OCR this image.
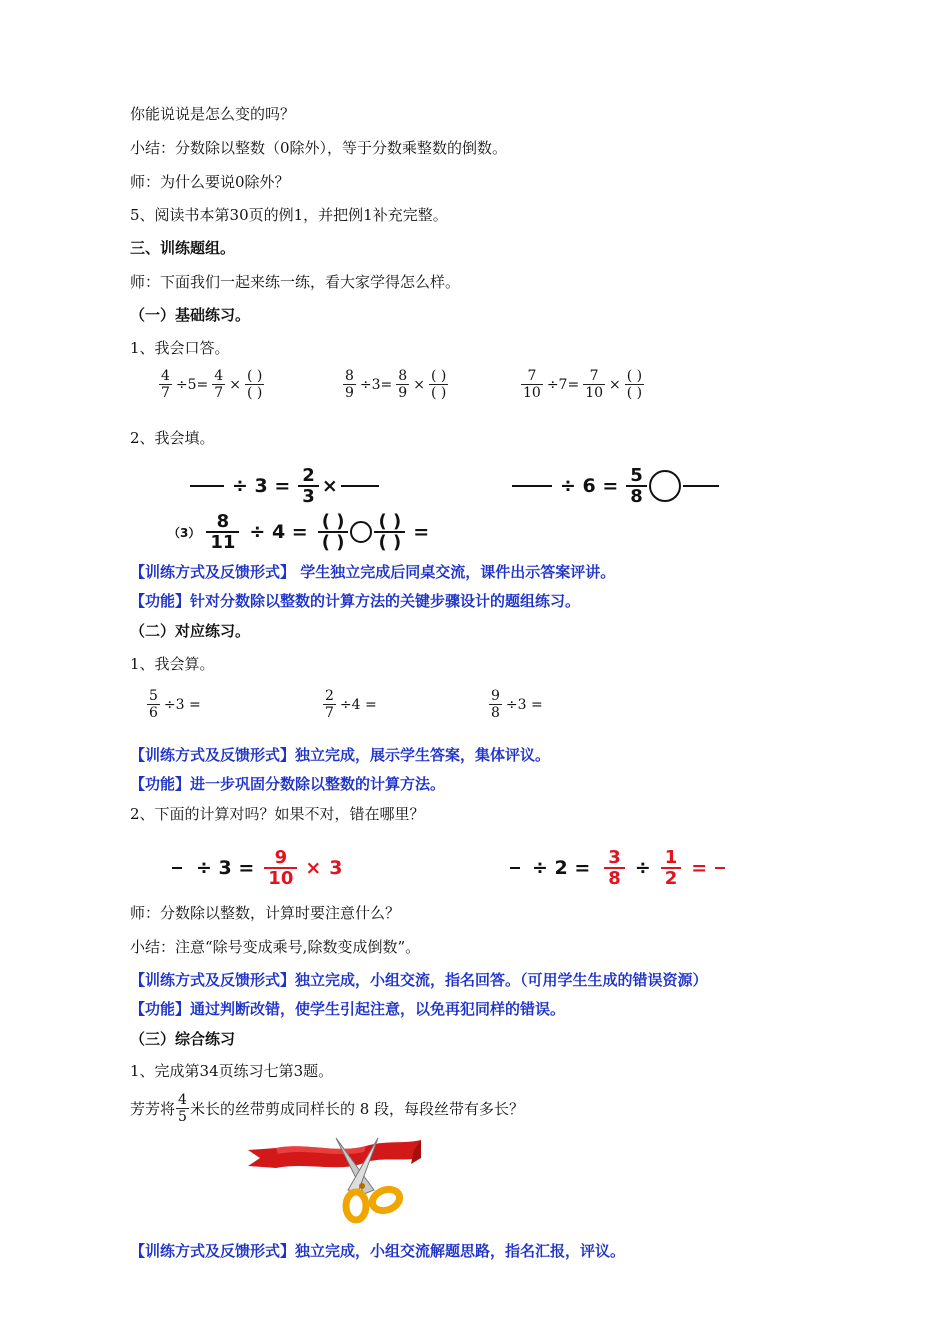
你能说说是怎么变的吗？
小结：分数除以整数（0除外），等于分数乘整数的倒数。
师：为什么要说0除外？
5、阅读书本第30页的例1，并把例1补充完整。
三、训练题组。
师：下面我们一起来练一练，看大家学得怎么样。
（一）基础练习。
1、我会口答。
$\frac{4}{7} \div 5= \frac{4}{7} \times \frac{( )}{( )}$	$\frac{8}{9} \div 3= \frac{8}{9} \times \frac{( )}{( )}$	$\frac{7}{10} \div 7= \frac{7}{10} \times \frac{( )}{( )}$
2、我会填。
÷ $3 = \frac{2}{3}$ ×	÷ $6 = \frac{5}{8}$
$(3) \frac{8}{11} \div 4$ = ( )
( )
( )
( ) =
【训练方式及反馈形式】 学生独立完成后同桌交流，课件出示答案评讲。
【功能】针对分数除以整数的计算方法的关键步骤设计的题组练习。
（二）对应练习。
1、我会算。
$\frac{5}{6} \div 3$ =	$\frac{2}{7} \div 4$ =	$\frac{9}{8} \div 3$ =
【训练方式及反馈形式】独立完成，展示学生答案，集体评议。
【功能】进一步巩固分数除以整数的计算方法。
2、下面的计算对吗？如果不对，错在哪里？
÷ $3 = \frac{9}{10} \times 3$	÷ $2 = \frac{3}{8} \div \frac{1}{2}$ =
师：分数除以整数，计算时要注意什么？
小结：注意“除号变成乘号,除数变成倒数”。
【训练方式及反馈形式】独立完成，小组交流，指名回答。（可用学生生成的错误资源）
【功能】通过判断改错，使学生引起注意，以免再犯同样的错误。
（三）综合练习
1、完成第34页练习七第3题。
芳芳将 $\frac{4}{5}$ 米长的丝带剪成同样长的 8 段，每段丝带有多长？
【训练方式及反馈形式】独立完成，小组交流解题思路，指名汇报，评议。
